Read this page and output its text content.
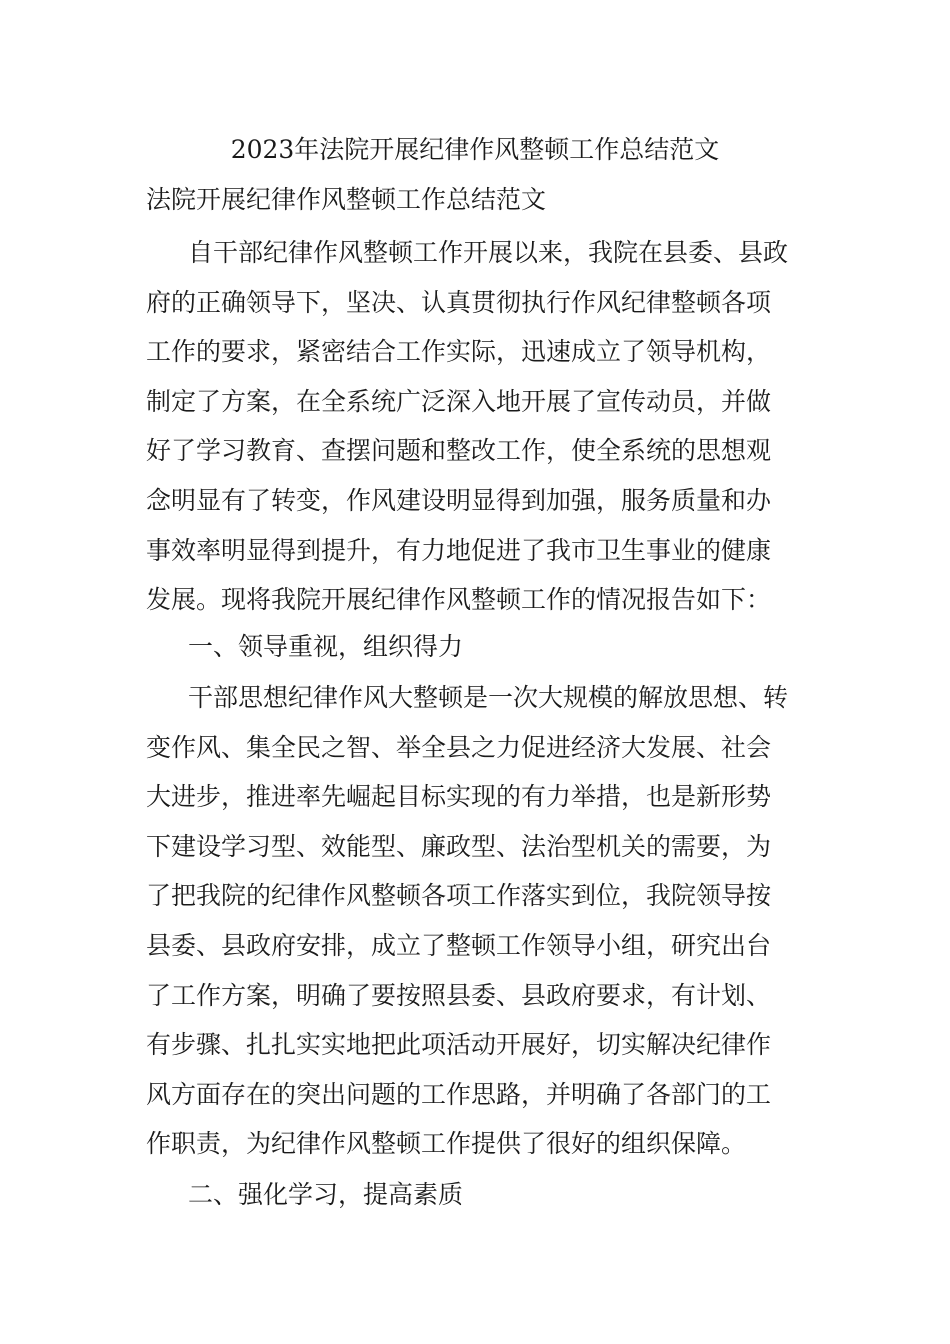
2023年法院开展纪律作风整顿工作总结范文
法院开展纪律作风整顿工作总结范文
自干部纪律作风整顿工作开展以来，我院在县委、县政
府的正确领导下，坚决、认真贯彻执行作风纪律整顿各项
工作的要求，紧密结合工作实际，迅速成立了领导机构，
制定了方案，在全系统广泛深入地开展了宣传动员，并做
好了学习教育、查摆问题和整改工作，使全系统的思想观
念明显有了转变，作风建设明显得到加强，服务质量和办
事效率明显得到提升，有力地促进了我市卫生事业的健康
发展。现将我院开展纪律作风整顿工作的情况报告如下：
一、领导重视，组织得力
干部思想纪律作风大整顿是一次大规模的解放思想、转
变作风、集全民之智、举全县之力促进经济大发展、社会
大进步，推进率先崛起目标实现的有力举措，也是新形势
下建设学习型、效能型、廉政型、法治型机关的需要，为
了把我院的纪律作风整顿各项工作落实到位，我院领导按
县委、县政府安排，成立了整顿工作领导小组，研究出台
了工作方案，明确了要按照县委、县政府要求，有计划、
有步骤、扎扎实实地把此项活动开展好，切实解决纪律作
风方面存在的突出问题的工作思路，并明确了各部门的工
作职责，为纪律作风整顿工作提供了很好的组织保障。
二、强化学习，提高素质
